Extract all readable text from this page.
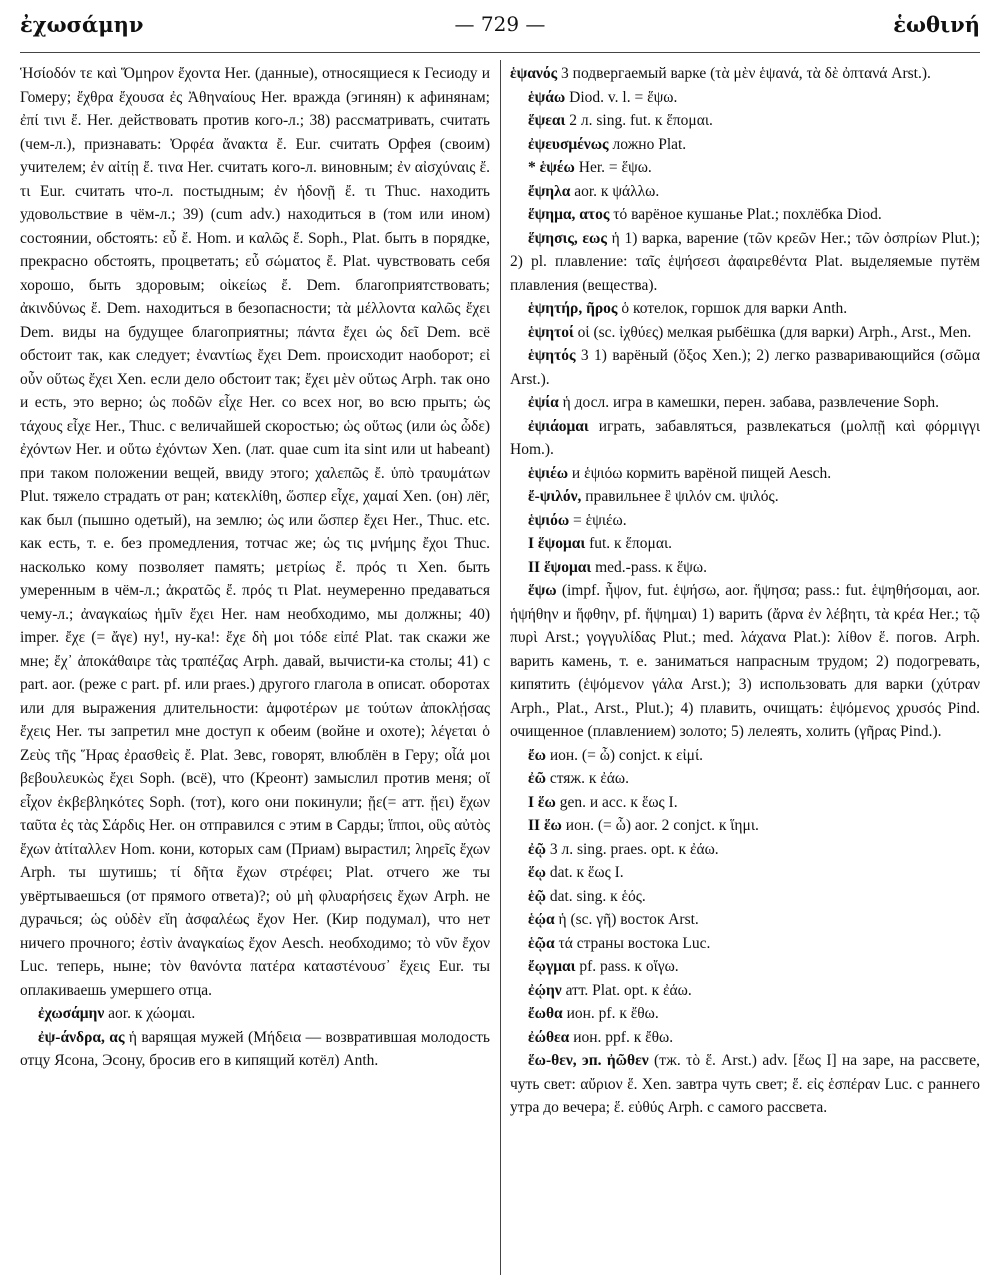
ἐχωσάμην	— 729 —	ἑωθινή

Ἡσίοδόν τε καὶ Ὅμηρον ἔχοντα Her. (данные), относящиеся к Гесиоду и Гомеру; ἔχθρα ἔχουσα ἐς Ἀθηναίους Her. вражда (эгинян) к афинянам; ἐπί τινι ἔ. Her. действовать против кого-л.; 38) рассматривать, считать (чем-л.), признавать: Ὀρφέα ἄνακτα ἔ. Eur. считать Орфея (своим) учителем; ἐν αἰτίῃ ἔ. τινα Her. считать кого-л. виновным; ἐν αἰσχύναις ἔ. τι Eur. считать что-л. постыдным; ἐν ἡδονῇ ἔ. τι Thuc. находить удовольствие в чём-л.; 39) (cum adv.) находиться в (том или ином) состоянии, обстоять: εὖ ἔ. Hom. и καλῶς ἔ. Soph., Plat. быть в порядке, прекрасно обстоять, процветать; εὖ σώματος ἔ. Plat. чувствовать себя хорошо, быть здоровым; οἰκείως ἔ. Dem. благоприятствовать; ἀκινδύνως ἔ. Dem. находиться в безопасности; τὰ μέλλοντα καλῶς ἔχει Dem. виды на будущее благоприятны; πάντα ἔχει ὡς δεῖ Dem. всё обстоит так, как следует; ἐναντίως ἔχει Dem. происходит наоборот; εἰ οὖν οὕτως ἔχει Xen. если дело обстоит так; ἔχει μὲν οὕτως Arph. так оно и есть, это верно; ὡς ποδῶν εἶχε Her. со всех ног, во всю прыть; ὡς τάχους εἶχε Her., Thuc. с величайшей скоростью; ὡς οὕτως (или ὡς ὧδε) ἐχόντων Her. и οὕτω ἐχόντων Xen. (лат. quae cum ita sint или ut habeant) при таком положении вещей, ввиду этого; χαλεπῶς ἔ. ὑπὸ τραυμάτων Plut. тяжело страдать от ран; κατεκλίθη, ὥσπερ εἶχε, χαμαί Xen. (он) лёг, как был (пышно одетый), на землю; ὡς или ὥσπερ ἔχει Her., Thuc. etc. как есть, т. е. без промедления, тотчас же; ὡς τις μνήμης ἔχοι Thuc. насколько кому позволяет память; μετρίως ἔ. πρός τι Xen. быть умеренным в чём-л.; ἀκρατῶς ἔ. πρός τι Plat. неумеренно предаваться чему-л.; ἀναγκαίως ἡμῖν ἔχει Her. нам необходимо, мы должны; 40) imper. ἔχε (= ἄγε) ну!, ну-ка!: ἔχε δὴ μοι τόδε εἰπέ Plat. так скажи же мне; ἔχ᾽ ἀποκάθαιρε τὰς τραπέζας Arph. давай, вычисти-ка столы; 41) с part. aor. (реже с part. pf. или praes.) другого глагола в описат. оборотах или для выражения длительности: ἀμφοτέρων με τούτων ἀποκλῄσας ἔχεις Her. ты запретил мне доступ к обеим (войне и охоте); λέγεται ὁ Ζεὺς τῆς Ἥρας ἐρασθεὶς ἔ. Plat. Зевс, говорят, влюблён в Геру; οἷά μοι βεβουλευκὼς ἔχει Soph. (всё), что (Креонт) замыслил против меня; οἵ εἶχον ἐκβεβληκότες Soph. (тот), кого они покинули; ᾔε(= атт. ᾔει) ἔχων ταῦτα ἐς τὰς Σάρδις Her. он отправился с этим в Сарды; ἵπποι, οὓς αὐτὸς ἔχων ἀτίταλλεν Hom. кони, которых сам (Приам) вырастил; ληρεῖς ἔχων Arph. ты шутишь; τί δῆτα ἔχων στρέφει; Plat. отчего же ты увёртываешься (от прямого ответа)?; οὐ μὴ φλυαρήσεις ἔχων Arph. не дурачься; ὡς οὐδὲν εἴη ἀσφαλέως ἔχον Her. (Кир подумал), что нет ничего прочного; ἐστὶν ἀναγκαίως ἔχον Aesch. необходимо; τὸ νῦν ἔχον Luc. теперь, ныне; τὸν θανόντα πατέρα καταστένουσ᾽ ἔχεις Eur. ты оплакиваешь умершего отца.

ἐχωσάμην aor. к χώομαι.

ἐψ-άνδρα, ας ἡ варящая мужей (Μήδεια — возвратившая молодость отцу Ясона, Эсону, бросив его в кипящий котёл) Anth.

ἑψανός 3 подвергаемый варке (τὰ μὲν ἑψανά, τὰ δὲ ὀπτανά Arst.).

ἑψάω Diod. v. l. = ἕψω.

ἕψεαι 2 л. sing. fut. к ἕπομαι.

ἐψευσμένως ложно Plat.

* ἑψέω Her. = ἕψω.

ἔψηλα aor. к ψάλλω.

ἕψημα, ατος τό варёное кушанье Plat.; похлёбка Diod.

ἕψησις, εως ἡ 1) варка, варение (τῶν κρεῶν Her.; τῶν ὀσπρίων Plut.); 2) pl. плавление: ταῖς ἑψήσεσι ἀφαιρεθέντα Plat. выделяемые путём плавления (вещества).

ἑψητήρ, ῆρος ὁ котелок, горшок для варки Anth.

ἑψητοί οἱ (sc. ἰχθύες) мелкая рыбёшка (для варки) Arph., Arst., Men.

ἑψητός 3 1) варёный (ὄξος Xen.); 2) легко разваривающийся (σῶμα Arst.).

ἐψία ἡ досл. игра в камешки, перен. забава, развлечение Soph.

ἐψιάομαι играть, забавляться, развлекаться (μολπῇ καὶ φόρμιγγι Hom.).

ἑψιέω и ἑψιόω кормить варёной пищей Aesch.

ἔ-ψιλόν, правильнее ἒ ψιλόν см. ψιλός.

ἑψιόω = ἑψιέω.

I ἕψομαι fut. к ἕπομαι.

II ἕψομαι med.-pass. к ἕψω.

ἕψω (impf. ἧψον, fut. ἑψήσω, aor. ἥψησα; pass.: fut. ἑψηθήσομαι, aor. ἡψήθην и ἥφθην, pf. ἥψημαι) 1) варить (ἄρνα ἐν λέβητι, τὰ κρέα Her.; τῷ πυρὶ Arst.; γογγυλίδας Plut.; med. λάχανα Plat.): λίθον ἕ. погов. Arph. варить камень, т. е. заниматься напрасным трудом; 2) подогревать, кипятить (ἑψόμενον γάλα Arst.); 3) использовать для варки (χύτραν Arph., Plat., Arst., Plut.); 4) плавить, очищать: ἑψόμενος χρυσός Pind. очищенное (плавлением) золото; 5) лелеять, холить (γῆρας Pind.).

ἔω ион. (= ὦ) conjct. к εἰμί.

ἐῶ стяж. к ἐάω.

I ἕω gen. и acc. к ἕως I.

II ἕω ион. (= ὧ) aor. 2 conjct. к ἵημι.

ἐῷ 3 л. sing. praes. opt. к ἐάω.

ἕῳ dat. к ἕως I.

ἑῷ dat. sing. к ἑός.

ἑῴα ἡ (sc. γῆ) восток Arst.

ἑῷα τά страны востока Luc.

ἔῳγμαι pf. pass. к οἴγω.

ἐῴην атт. Plat. opt. к ἐάω.

ἔωθα ион. pf. к ἔθω.

ἐώθεα ион. ppf. к ἔθω.

ἕω-θεν, эп. ἠῶθεν (тж. τὸ ἕ. Arst.) adv. [ἕως I] на заре, на рассвете, чуть свет: αὔριον ἕ. Xen. завтра чуть свет; ἕ. εἰς ἑσπέραν Luc. с раннего утра до вечера; ἕ. εὐθύς Arph. с самого рассвета.
